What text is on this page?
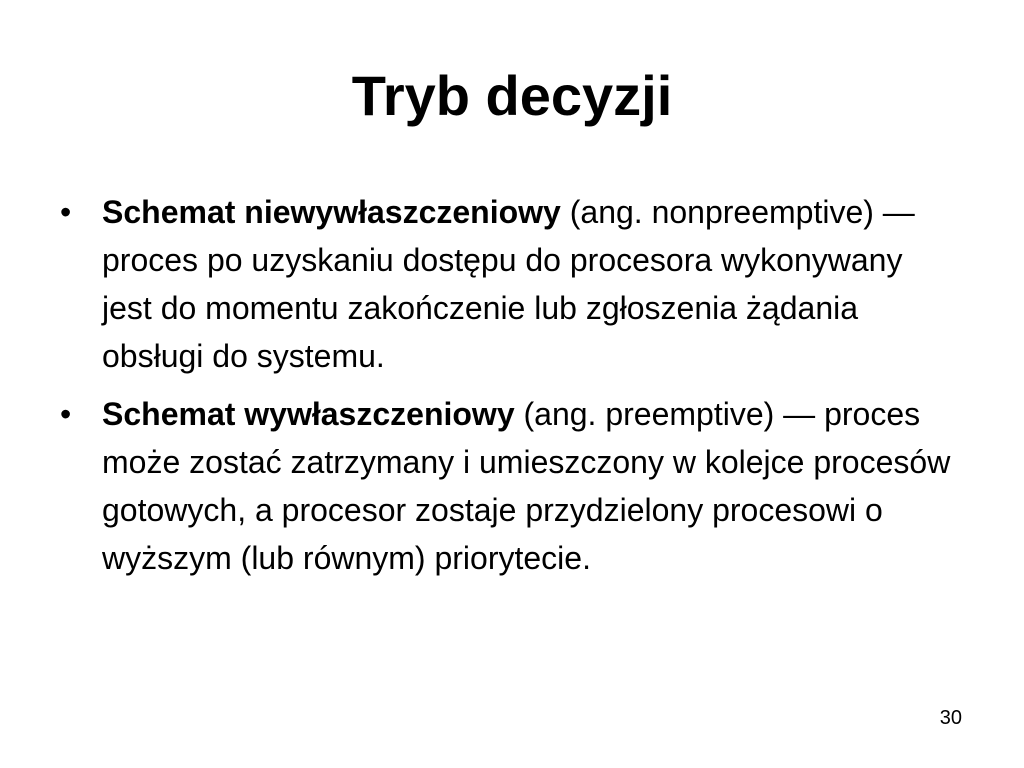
Tryb decyzji
• Schemat niewywłaszczeniowy (ang. nonpreemptive) —proces po uzyskaniu dostępu do procesora wykonywany jest do momentu zakończenie lub zgłoszenia żądania obsługi do systemu.
• Schemat wywłaszczeniowy (ang. preemptive) — proces może zostać zatrzymany i umieszczony w kolejce procesów gotowych, a procesor zostaje przydzielony procesowi o wyższym (lub równym) priorytecie.
30
